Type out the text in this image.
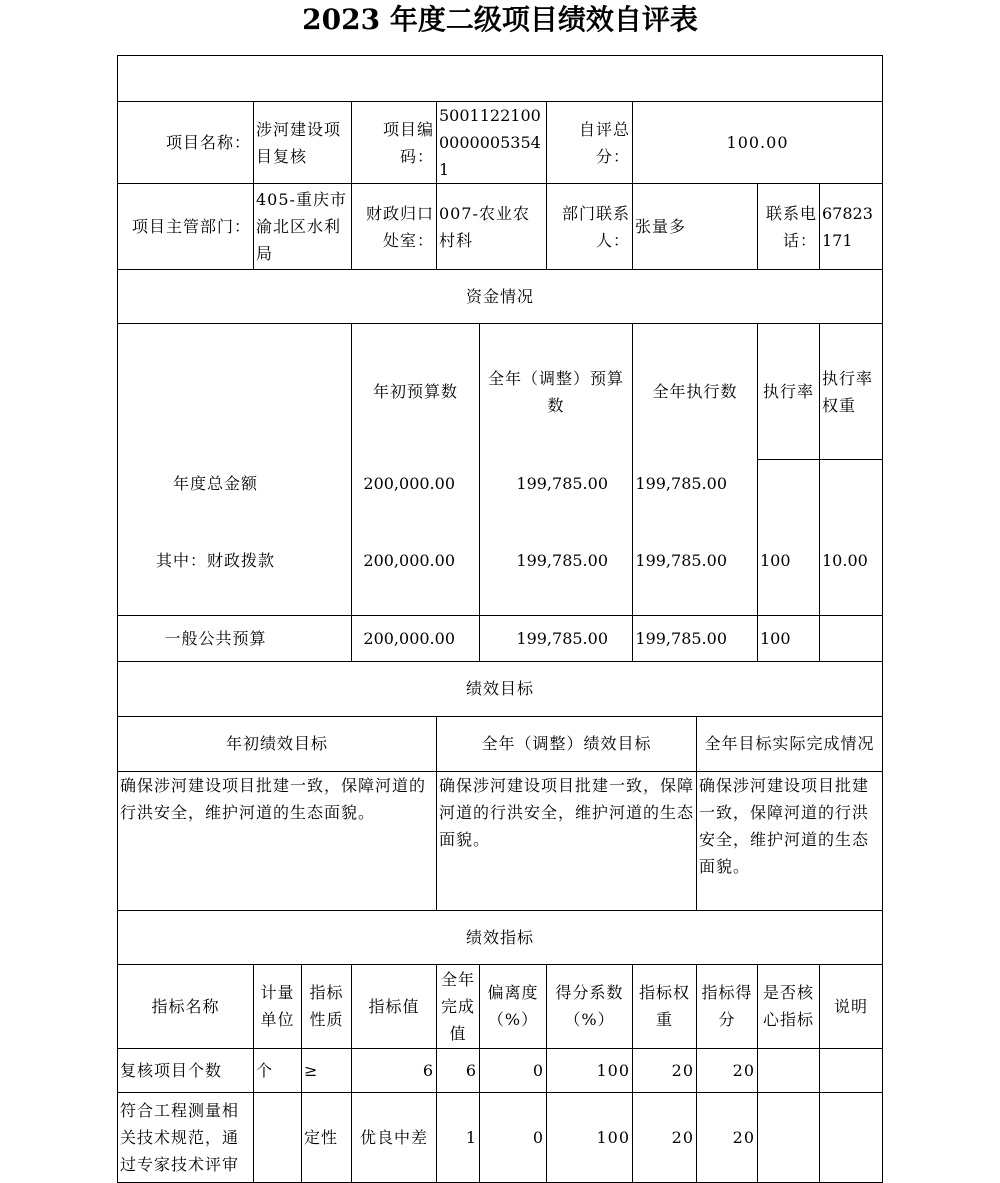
2023 年度二级项目绩效自评表

项目名称：	涉河建设项目复核		项目编码：	500112210000000053541		自评总分：	100.00				
项目主管部门：	405-重庆市渝北区水利局		财政归口处室：	007-农业农村科		部门联系人：	张量多		联系电话：	67823171	
资金情况											
			年初预算数		全年（调整）预算数		全年执行数		执行率	执行率权重	
年度总金额			200,000.00		199,785.00		199,785.00				
其中：财政拨款			200,000.00		199,785.00		199,785.00		100	10.00	
一般公共预算			200,000.00		199,785.00		199,785.00		100		
绩效目标											
年初绩效目标				全年（调整）绩效目标				全年目标实际完成情况			
确保涉河建设项目批建一致，保障河道的行洪安全，维护河道的生态面貌。				确保涉河建设项目批建一致，保障河道的行洪安全，维护河道的生态面貌。				确保涉河建设项目批建一致，保障河道的行洪安全，维护河道的生态面貌。			
绩效指标											
指标名称	计量单位	指标性质	指标值	全年完成值	偏离度（%）	得分系数（%）	指标权重	指标得分	是否核心指标	说明	
复核项目个数	个	≥	6	6	0	100	20	20			
符合工程测量相关技术规范，通过专家技术评审		定性	优良中差	1	0	100	20	20			
